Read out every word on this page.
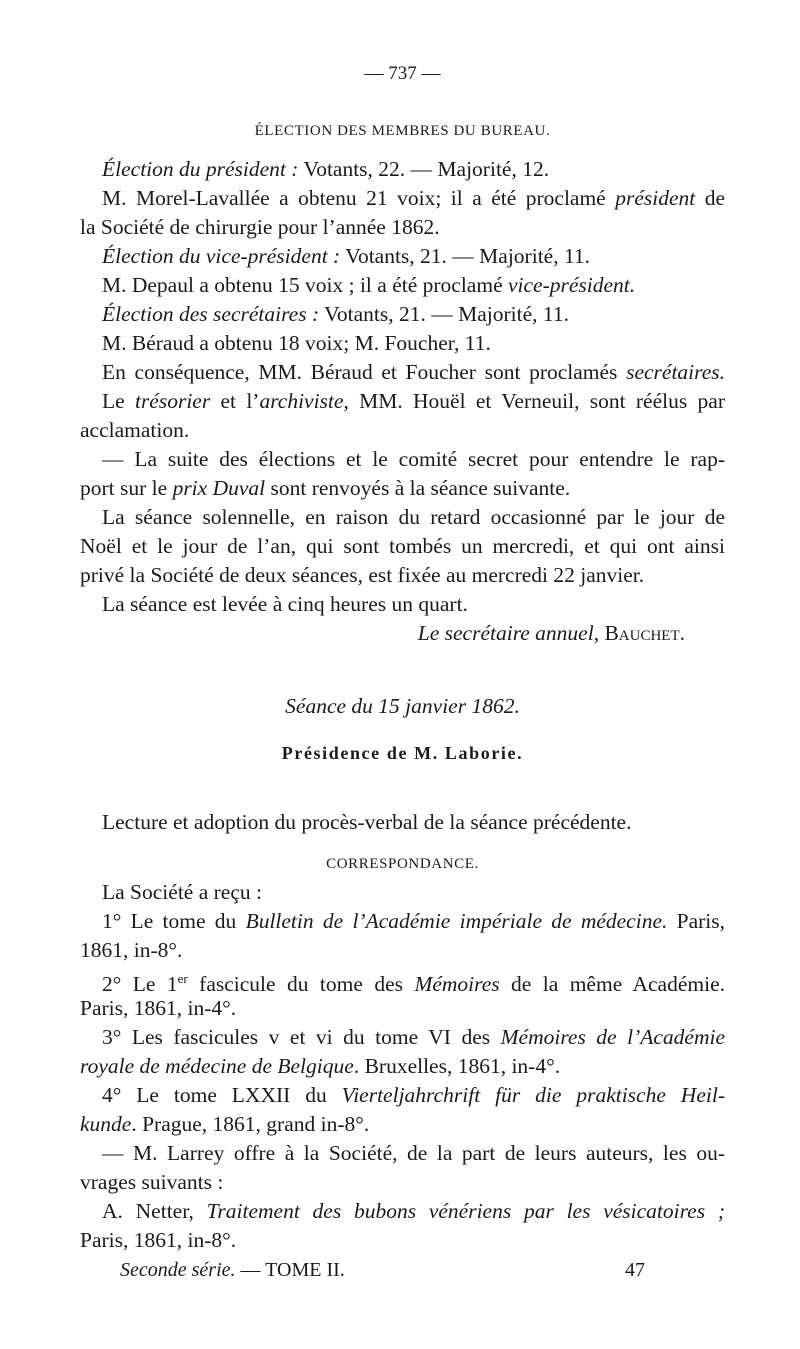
— 737 —
ÉLECTION DES MEMBRES DU BUREAU.
Élection du président : Votants, 22. — Majorité, 12.
M. Morel-Lavallée a obtenu 21 voix; il a été proclamé président de
la Société de chirurgie pour l’année 1862.
Élection du vice-président : Votants, 21. — Majorité, 11.
M. Depaul a obtenu 15 voix ; il a été proclamé vice-président.
Élection des secrétaires : Votants, 21. — Majorité, 11.
M. Béraud a obtenu 18 voix; M. Foucher, 11.
En conséquence, MM. Béraud et Foucher sont proclamés secrétaires.
Le trésorier et l’archiviste, MM. Houël et Verneuil, sont réélus par
acclamation.
— La suite des élections et le comité secret pour entendre le rap-
port sur le prix Duval sont renvoyés à la séance suivante.
La séance solennelle, en raison du retard occasionné par le jour de
Noël et le jour de l’an, qui sont tombés un mercredi, et qui ont ainsi
privé la Société de deux séances, est fixée au mercredi 22 janvier.
La séance est levée à cinq heures un quart.
Le secrétaire annuel, Bauchet.
Séance du 15 janvier 1862.
Présidence de M. Laborie.
Lecture et adoption du procès-verbal de la séance précédente.
CORRESPONDANCE.
La Société a reçu :
1° Le tome du Bulletin de l’Académie impériale de médecine. Paris,
1861, in-8°.
2° Le 1er fascicule du tome des Mémoires de la même Académie.
Paris, 1861, in-4°.
3° Les fascicules v et vi du tome VI des Mémoires de l’Académie
royale de médecine de Belgique. Bruxelles, 1861, in-4°.
4° Le tome LXXII du Vierteljahrchrift für die praktische Heil-
kunde. Prague, 1861, grand in-8°.
— M. Larrey offre à la Société, de la part de leurs auteurs, les ou-
vrages suivants :
A. Netter, Traitement des bubons vénériens par les vésicatoires ;
Paris, 1861, in-8°.
Seconde série. — TOME II.	47
